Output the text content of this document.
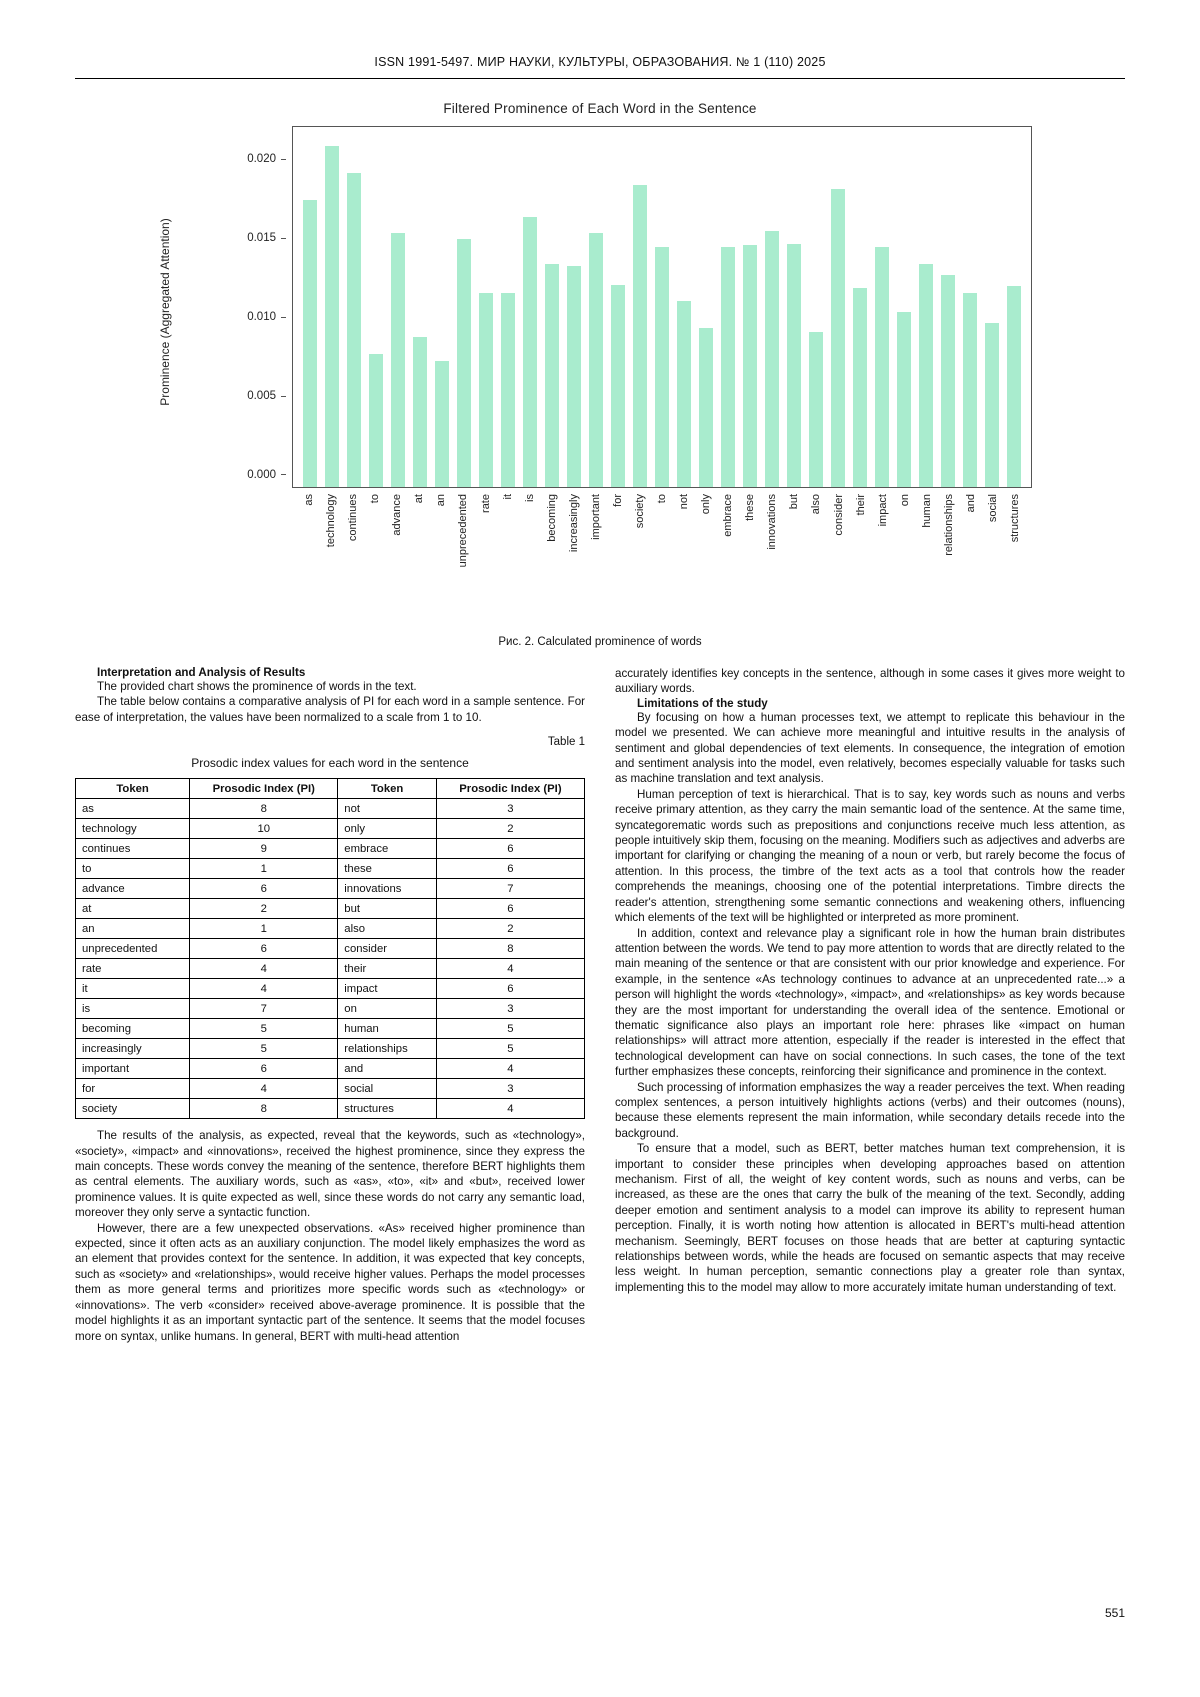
ISSN 1991-5497. МИР НАУКИ, КУЛЬТУРЫ, ОБРАЗОВАНИЯ. № 1 (110) 2025
Filtered Prominence of Each Word in the Sentence
Prominence (Aggregated Attention)
0.000
0.005
0.010
0.015
0.020
as technology continues to advance at an unprecedented rate it is becoming increasingly important for society to not only embrace these innovations but also consider their impact on human relationships and social structures
Рис. 2. Calculated prominence of words
Interpretation and Analysis of Results

The provided chart shows the prominence of words in the text.

The table below contains a comparative analysis of PI for each word in a sample sentence. For ease of interpretation, the values have been normalized to a scale from 1 to 10.

Table 1
Prosodic index values for each word in the sentence
Token	Prosodic Index (PI)	Token	Prosodic Index (PI)
as	8	not	3
technology	10	only	2
continues	9	embrace	6
to	1	these	6
advance	6	innovations	7
at	2	but	6
an	1	also	2
unprecedented	6	consider	8
rate	4	their	4
it	4	impact	6
is	7	on	3
becoming	5	human	5
increasingly	5	relationships	5
important	6	and	4
for	4	social	3
society	8	structures	4

The results of the analysis, as expected, reveal that the keywords, such as «technology», «society», «impact» and «innovations», received the highest prominence, since they express the main concepts. These words convey the meaning of the sentence, therefore BERT highlights them as central elements. The auxiliary words, such as «as», «to», «it» and «but», received lower prominence values. It is quite expected as well, since these words do not carry any semantic load, moreover they only serve a syntactic function.

However, there are a few unexpected observations. «As» received higher prominence than expected, since it often acts as an auxiliary conjunction. The model likely emphasizes the word as an element that provides context for the sentence. In addition, it was expected that key concepts, such as «society» and «relationships», would receive higher values. Perhaps the model processes them as more general terms and prioritizes more specific words such as «technology» or «innovations». The verb «consider» received above-average prominence. It is possible that the model highlights it as an important syntactic part of the sentence. It seems that the model focuses more on syntax, unlike humans. In general, BERT with multi-head attention

accurately identifies key concepts in the sentence, although in some cases it gives more weight to auxiliary words.

Limitations of the study

By focusing on how a human processes text, we attempt to replicate this behaviour in the model we presented. We can achieve more meaningful and intuitive results in the analysis of sentiment and global dependencies of text elements. In consequence, the integration of emotion and sentiment analysis into the model, even relatively, becomes especially valuable for tasks such as machine translation and text analysis.

Human perception of text is hierarchical. That is to say, key words such as nouns and verbs receive primary attention, as they carry the main semantic load of the sentence. At the same time, syncategorematic words such as prepositions and conjunctions receive much less attention, as people intuitively skip them, focusing on the meaning. Modifiers such as adjectives and adverbs are important for clarifying or changing the meaning of a noun or verb, but rarely become the focus of attention. In this process, the timbre of the text acts as a tool that controls how the reader comprehends the meanings, choosing one of the potential interpretations. Timbre directs the reader's attention, strengthening some semantic connections and weakening others, influencing which elements of the text will be highlighted or interpreted as more prominent.

In addition, context and relevance play a significant role in how the human brain distributes attention between the words. We tend to pay more attention to words that are directly related to the main meaning of the sentence or that are consistent with our prior knowledge and experience. For example, in the sentence «As technology continues to advance at an unprecedented rate...» a person will highlight the words «technology», «impact», and «relationships» as key words because they are the most important for understanding the overall idea of the sentence. Emotional or thematic significance also plays an important role here: phrases like «impact on human relationships» will attract more attention, especially if the reader is interested in the effect that technological development can have on social connections. In such cases, the tone of the text further emphasizes these concepts, reinforcing their significance and prominence in the context.

Such processing of information emphasizes the way a reader perceives the text. When reading complex sentences, a person intuitively highlights actions (verbs) and their outcomes (nouns), because these elements represent the main information, while secondary details recede into the background.

To ensure that a model, such as BERT, better matches human text comprehension, it is important to consider these principles when developing approaches based on attention mechanism. First of all, the weight of key content words, such as nouns and verbs, can be increased, as these are the ones that carry the bulk of the meaning of the text. Secondly, adding deeper emotion and sentiment analysis to a model can improve its ability to represent human perception. Finally, it is worth noting how attention is allocated in BERT's multi-head attention mechanism. Seemingly, BERT focuses on those heads that are better at capturing syntactic relationships between words, while the heads are focused on semantic aspects that may receive less weight. In human perception, semantic connections play a greater role than syntax, implementing this to the model may allow to more accurately imitate human understanding of text.

551
